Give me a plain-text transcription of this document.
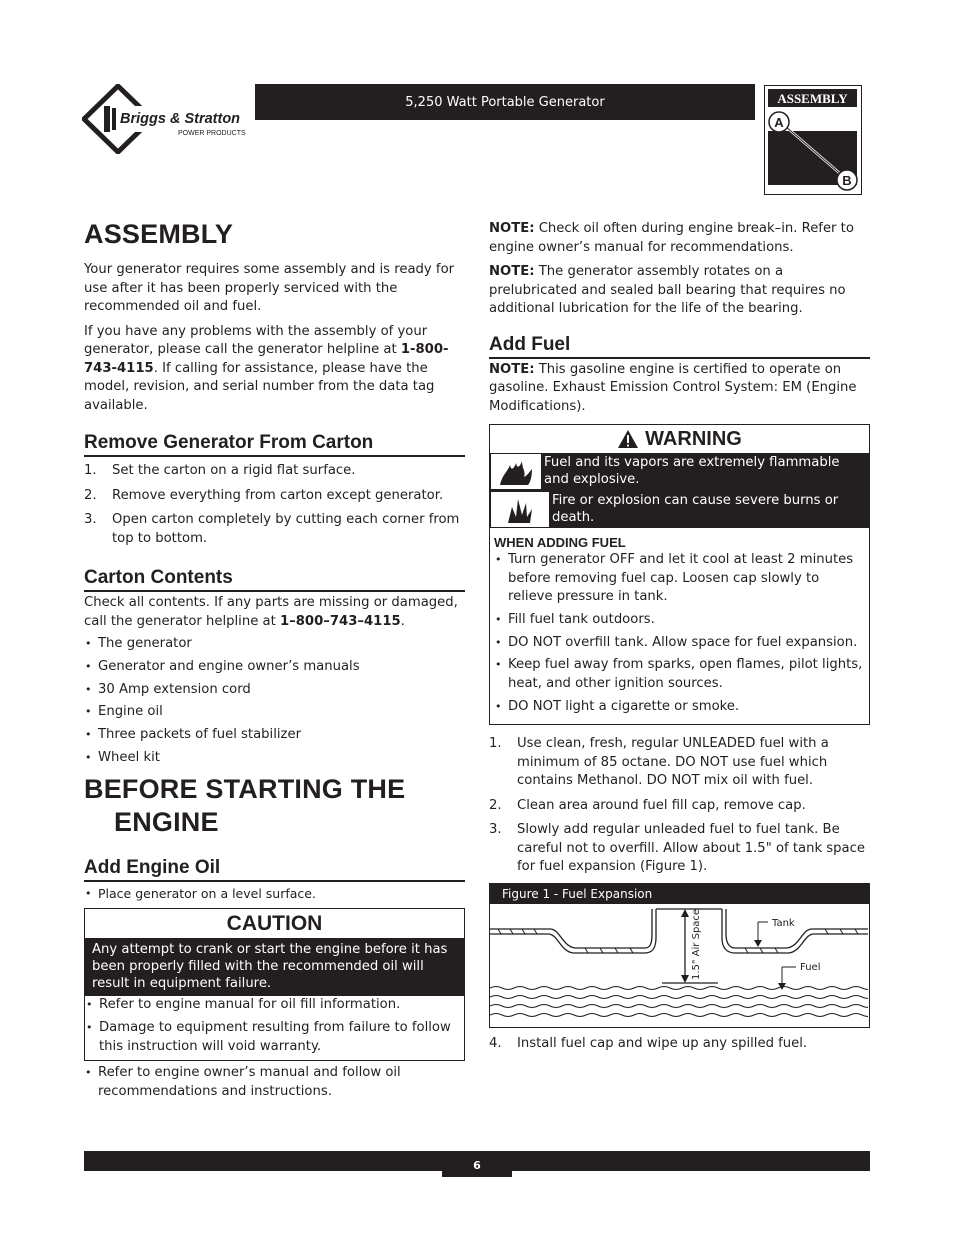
Briggs & Stratton
POWER PRODUCTS
5,250 Watt Portable Generator	ASSEMBLY
A
B
ASSEMBLY

Your generator requires some assembly and is ready for use after it has been properly serviced with the recommended oil and fuel.

If you have any problems with the assembly of your generator, please call the generator helpline at 1-800-743-4115. If calling for assistance, please have the model, revision, and serial number from the data tag available.

Remove Generator From Carton
1. Set the carton on a rigid flat surface.
2. Remove everything from carton except generator.
3. Open carton completely by cutting each corner from top to bottom.
Carton Contents

Check all contents. If any parts are missing or damaged, call the generator helpline at 1–800–743–4115.

• The generator
• Generator and engine owner’s manuals
• 30 Amp extension cord
• Engine oil
• Three packets of fuel stabilizer
• Wheel kit
BEFORE STARTING THE
ENGINE
Add Engine Oil
• Place generator on a level surface.
CAUTION
Any attempt to crank or start the engine before it has been properly filled with the recommended oil will result in equipment failure.
• Refer to engine manual for oil fill information.
• Damage to equipment resulting from failure to follow this instruction will void warranty.
• Refer to engine owner’s manual and follow oil recommendations and instructions.

NOTE: Check oil often during engine break–in. Refer to engine owner’s manual for recommendations.

NOTE: The generator assembly rotates on a prelubricated and sealed ball bearing that requires no additional lubrication for the life of the bearing.

Add Fuel

NOTE: This gasoline engine is certified to operate on gasoline. Exhaust Emission Control System: EM (Engine Modifications).

WARNING
Fuel and its vapors are extremely flammable and explosive.
Fire or explosion can cause severe burns or death.
WHEN ADDING FUEL
• Turn generator OFF and let it cool at least 2 minutes before removing fuel cap. Loosen cap slowly to relieve pressure in tank.
• Fill fuel tank outdoors.
• DO NOT overfill tank. Allow space for fuel expansion.
• Keep fuel away from sparks, open flames, pilot lights, heat, and other ignition sources.
• DO NOT light a cigarette or smoke.
1. Use clean, fresh, regular UNLEADED fuel with a minimum of 85 octane. DO NOT use fuel which contains Methanol. DO NOT mix oil with fuel.
2. Clean area around fuel fill cap, remove cap.
3. Slowly add regular unleaded fuel to fuel tank. Be careful not to overfill. Allow about 1.5" of tank space for fuel expansion (Figure 1).
Figure 1 - Fuel Expansion
1.5" Air Space	Tank
Fuel
4. Install fuel cap and wipe up any spilled fuel.
6
